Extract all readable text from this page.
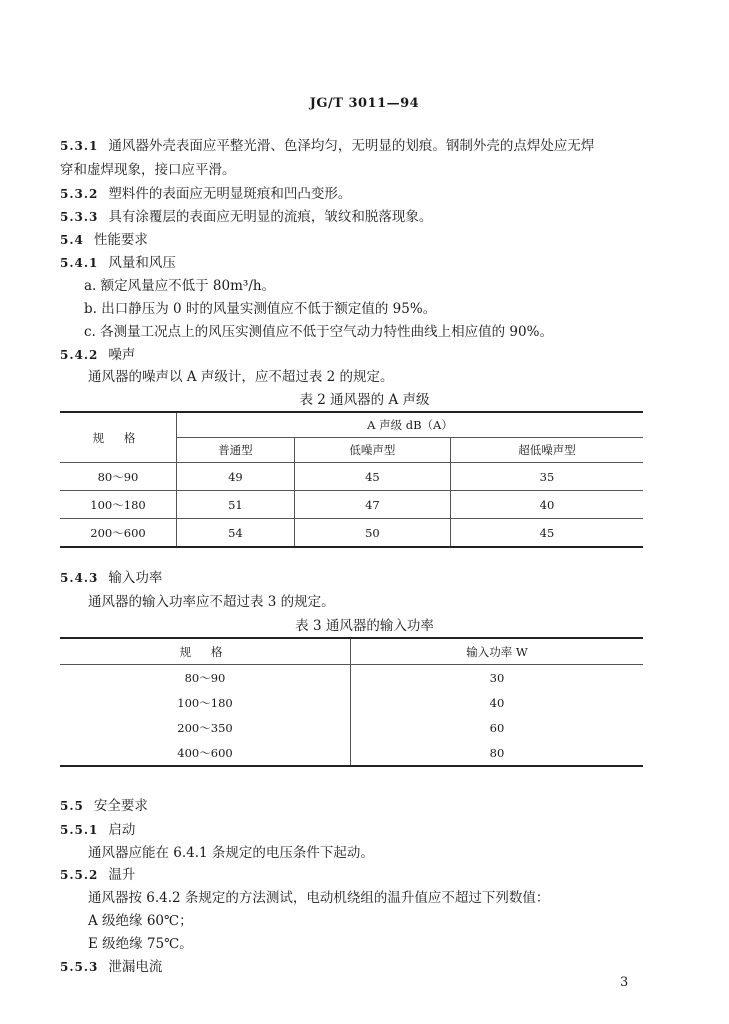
JG/T 3011—94
5.3.1 通风器外壳表面应平整光滑、色泽均匀，无明显的划痕。钢制外壳的点焊处应无焊
穿和虚焊现象，接口应平滑。
5.3.2 塑料件的表面应无明显斑痕和凹凸变形。
5.3.3 具有涂覆层的表面应无明显的流痕，皱纹和脱落现象。
5.4 性能要求
5.4.1 风量和风压
a. 额定风量应不低于 80m³/h。
b. 出口静压为 0 时的风量实测值应不低于额定值的 95%。
c. 各测量工况点上的风压实测值应不低于空气动力特性曲线上相应值的 90%。
5.4.2 噪声
通风器的噪声以 A 声级计，应不超过表 2 的规定。
表 2 通风器的 A 声级
规 格	A 声级 dB（A）		
	普通型	低噪声型	超低噪声型
80～90	49	45	35
100～180	51	47	40
200～600	54	50	45
5.4.3 输入功率
通风器的输入功率应不超过表 3 的规定。
表 3 通风器的输入功率
规 格	输入功率 W
80～90	30
100～180	40
200～350	60
400～600	80
5.5 安全要求
5.5.1 启动
通风器应能在 6.4.1 条规定的电压条件下起动。
5.5.2 温升
通风器按 6.4.2 条规定的方法测试，电动机绕组的温升值应不超过下列数值：
A 级绝缘 60℃；
E 级绝缘 75℃。
5.5.3 泄漏电流
3
